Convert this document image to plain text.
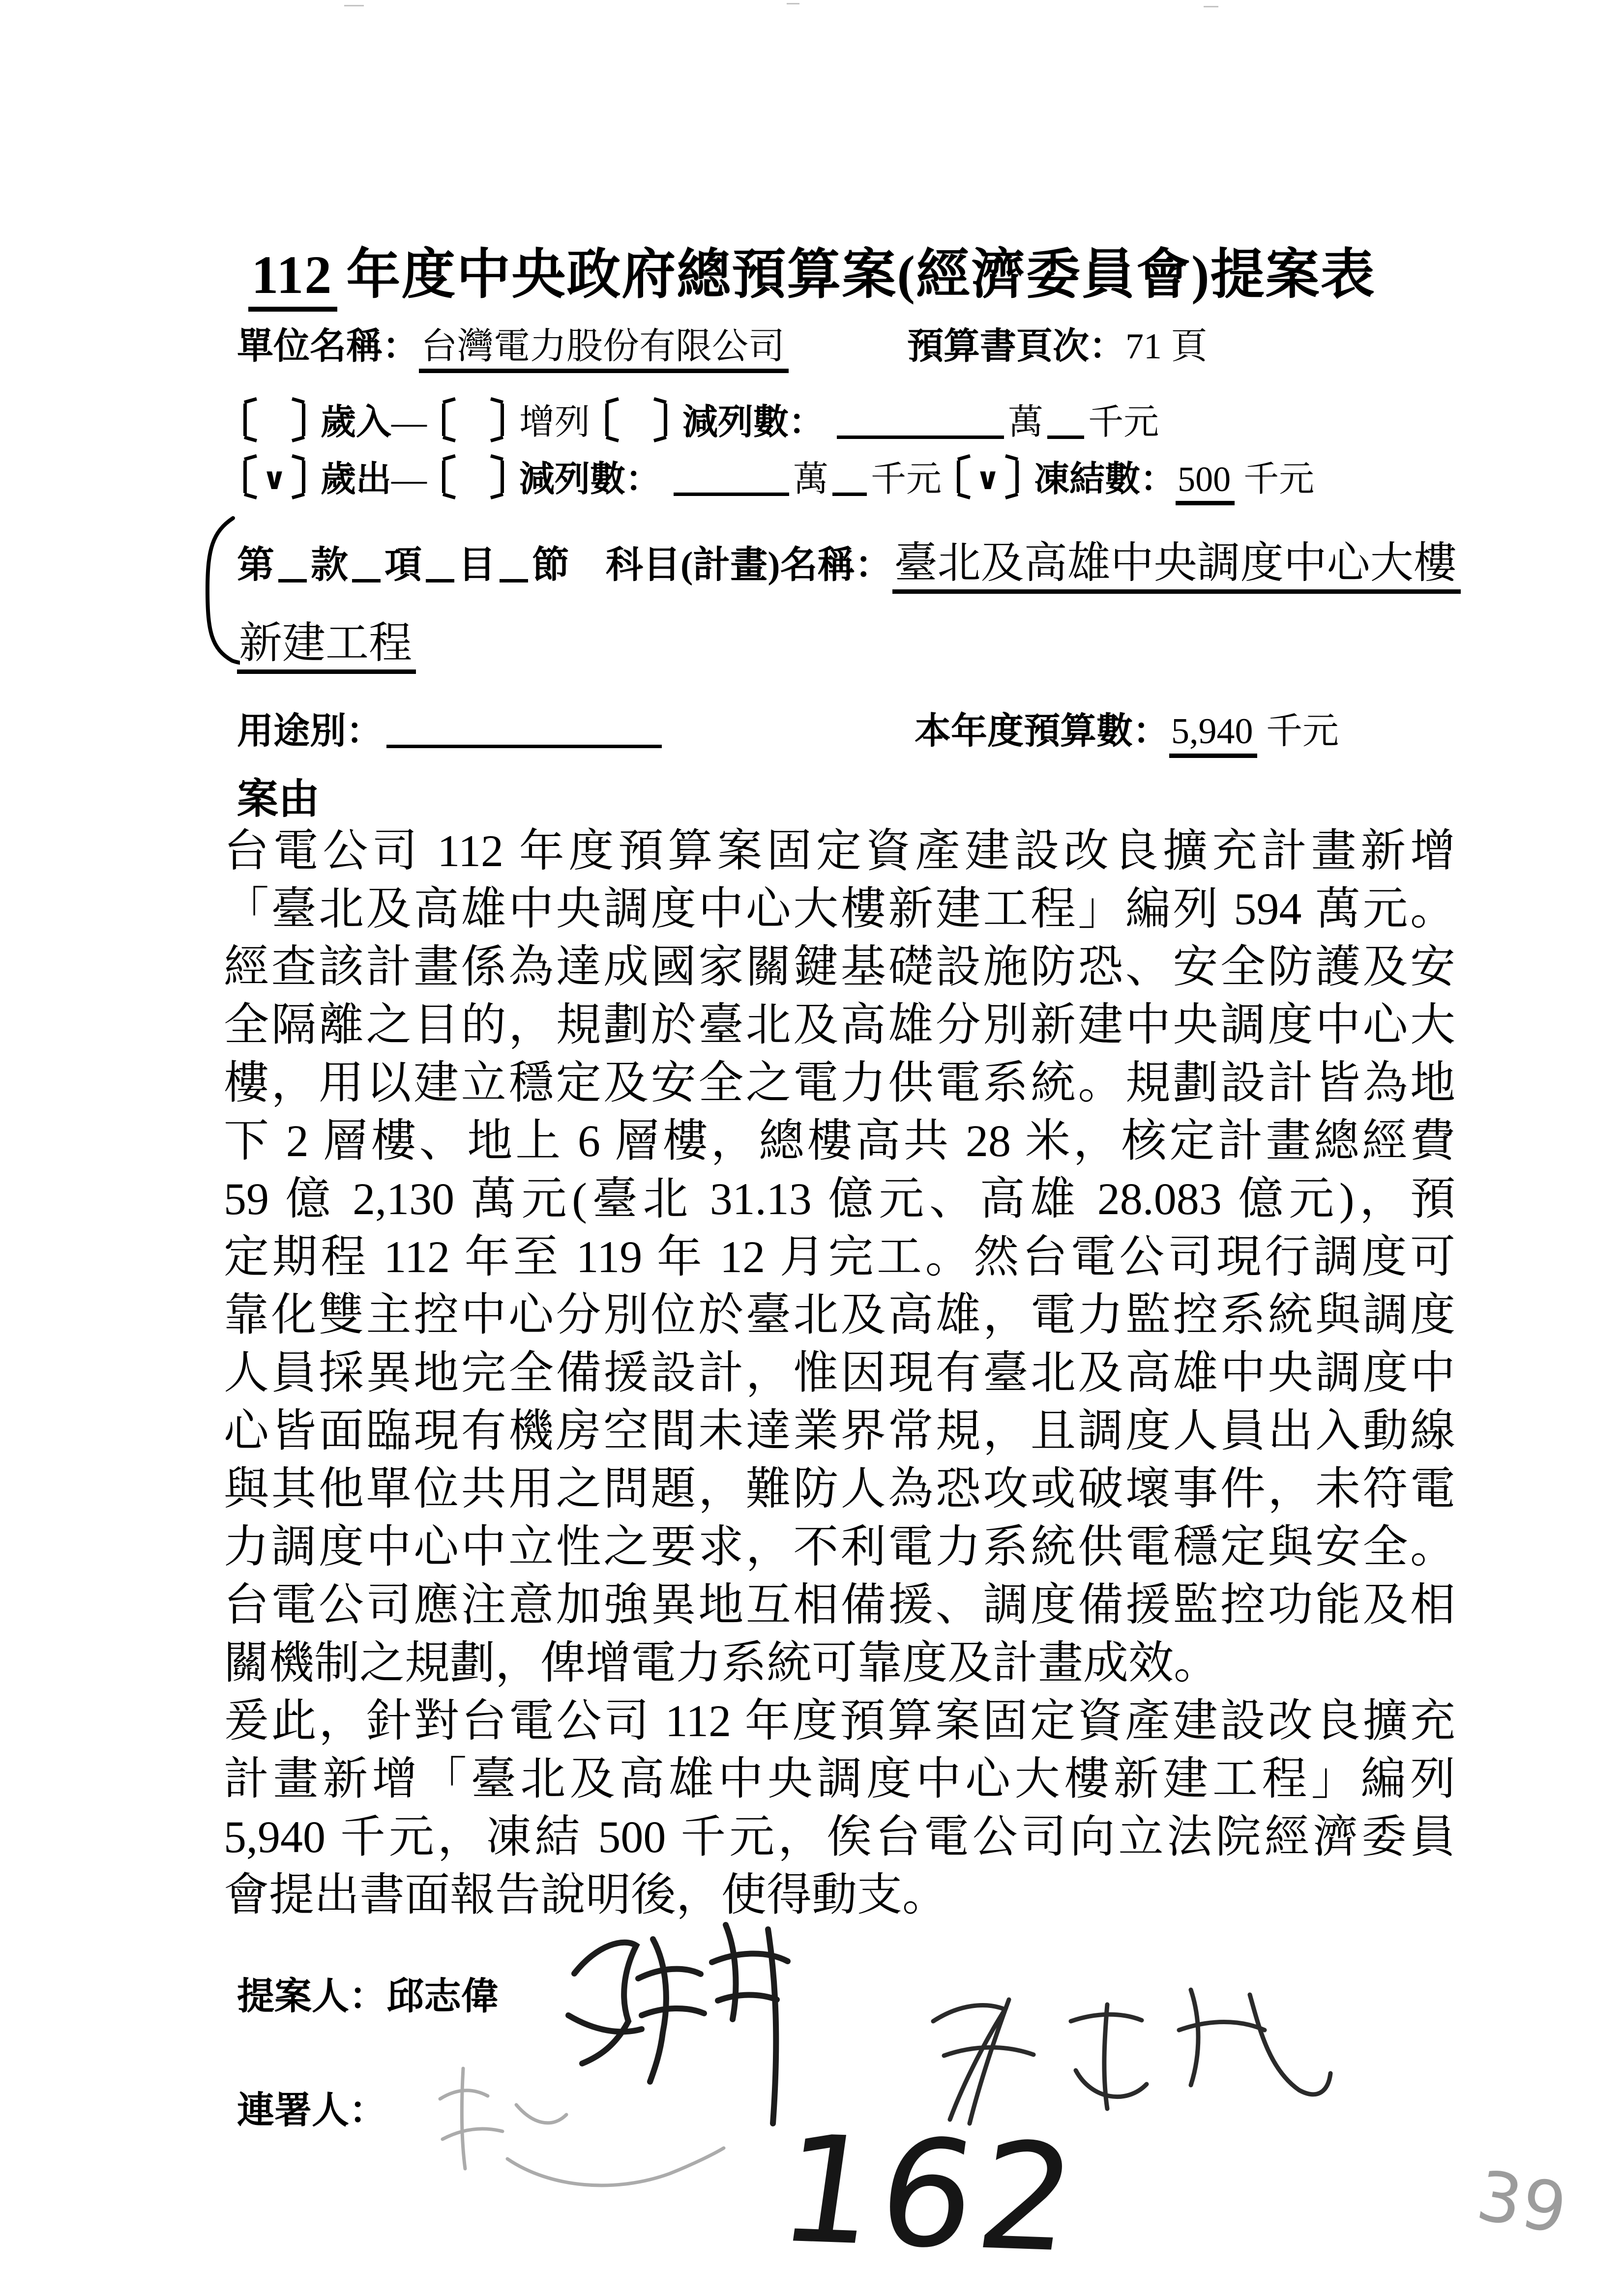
112 年度中央政府總預算案(經濟委員會)提案表
單位名稱：台灣電力股份有限公司	預算書頁次：71 頁
歲入—	增列	減列數：	萬 千元
∨ 歲出—	減列數：	萬 千元 ∨ 凍結數：500 千元
第 款 項 目 節 科目(計畫)名稱：臺北及高雄中央調度中心大樓
新建工程
用途別：	本年度預算數：5,940 千元
案由
台電公司 112 年度預算案固定資產建設改良擴充計畫新增
「臺北及高雄中央調度中心大樓新建工程」編列 594 萬元。
經查該計畫係為達成國家關鍵基礎設施防恐、安全防護及安
全隔離之目的，規劃於臺北及高雄分別新建中央調度中心大
樓，用以建立穩定及安全之電力供電系統。規劃設計皆為地
下 2 層樓、地上 6 層樓，總樓高共 28 米，核定計畫總經費
59 億 2,130 萬元(臺北 31.13 億元、高雄 28.083 億元)，預
定期程 112 年至 119 年 12 月完工。然台電公司現行調度可
靠化雙主控中心分別位於臺北及高雄，電力監控系統與調度
人員採異地完全備援設計，惟因現有臺北及高雄中央調度中
心皆面臨現有機房空間未達業界常規，且調度人員出入動線
與其他單位共用之問題，難防人為恐攻或破壞事件，未符電
力調度中心中立性之要求，不利電力系統供電穩定與安全。
台電公司應注意加強異地互相備援、調度備援監控功能及相
關機制之規劃，俾增電力系統可靠度及計畫成效。
爰此，針對台電公司 112 年度預算案固定資產建設改良擴充
計畫新增「臺北及高雄中央調度中心大樓新建工程」編列
5,940 千元，凍結 500 千元，俟台電公司向立法院經濟委員
會提出書面報告說明後，使得動支。
提案人：邱志偉
連署人：	162	39
